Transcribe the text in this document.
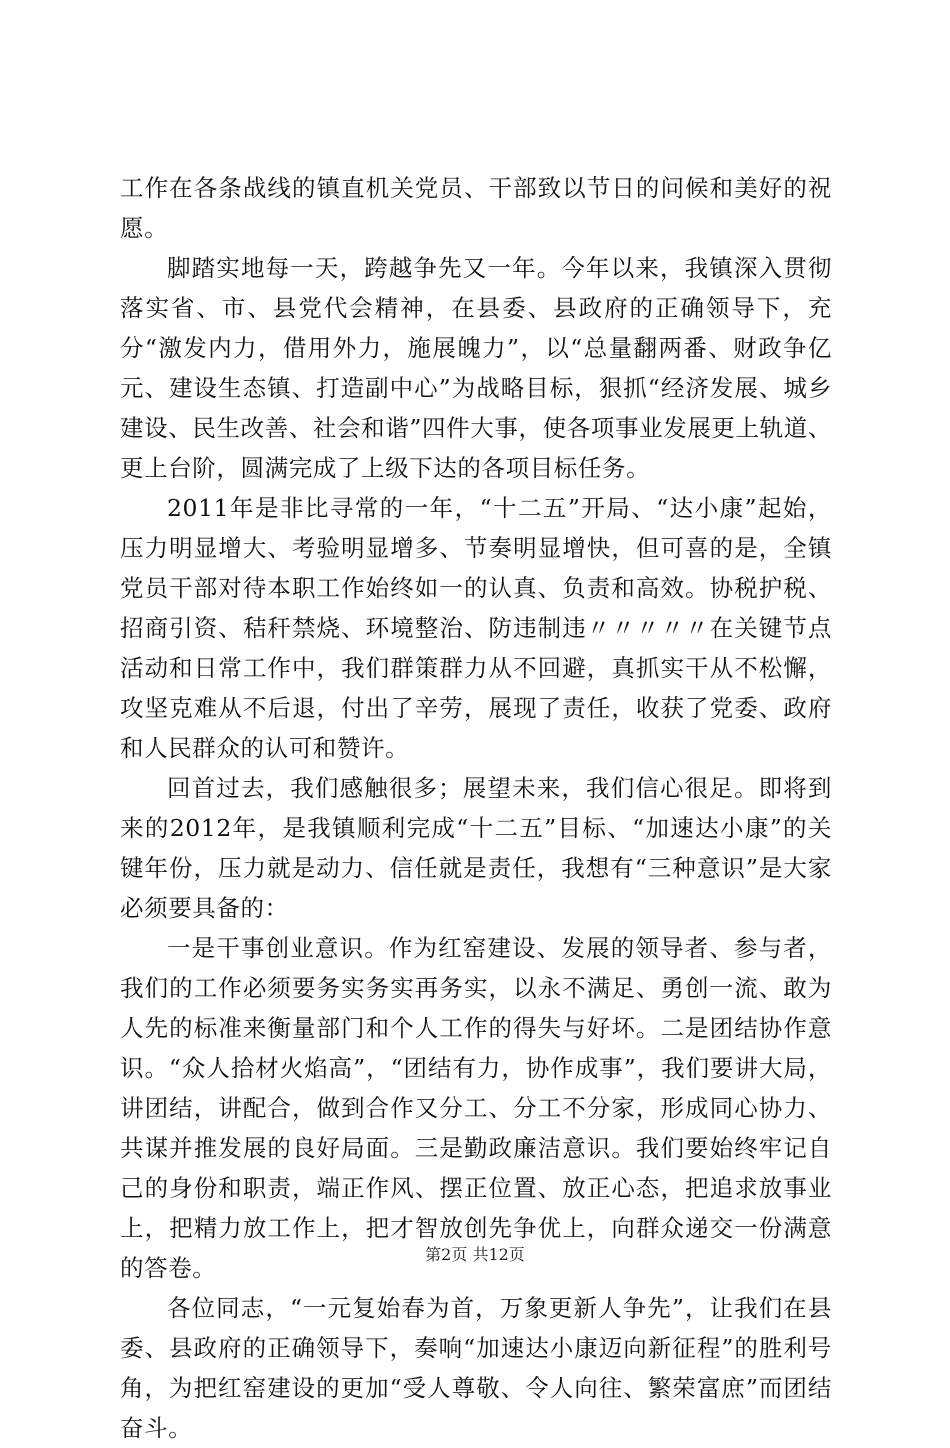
工作在各条战线的镇直机关党员、干部致以节日的问候和美好的祝愿。

脚踏实地每一天，跨越争先又一年。今年以来，我镇深入贯彻落实省、市、县党代会精神，在县委、县政府的正确领导下，充分“激发内力，借用外力，施展魄力”，以“总量翻两番、财政争亿元、建设生态镇、打造副中心”为战略目标，狠抓“经济发展、城乡建设、民生改善、社会和谐”四件大事，使各项事业发展更上轨道、更上台阶，圆满完成了上级下达的各项目标任务。

2011年是非比寻常的一年，“十二五”开局、“达小康”起始，压力明显增大、考验明显增多、节奏明显增快，但可喜的是，全镇党员干部对待本职工作始终如一的认真、负责和高效。协税护税、招商引资、秸秆禁烧、环境整治、防违制违〃〃〃〃〃在关键节点活动和日常工作中，我们群策群力从不回避，真抓实干从不松懈，攻坚克难从不后退，付出了辛劳，展现了责任，收获了党委、政府和人民群众的认可和赞许。

回首过去，我们感触很多；展望未来，我们信心很足。即将到来的2012年，是我镇顺利完成“十二五”目标、“加速达小康”的关键年份，压力就是动力、信任就是责任，我想有“三种意识”是大家必须要具备的：

一是干事创业意识。作为红窑建设、发展的领导者、参与者，我们的工作必须要务实务实再务实，以永不满足、勇创一流、敢为人先的标准来衡量部门和个人工作的得失与好坏。二是团结协作意识。“众人拾材火焰高”，“团结有力，协作成事”，我们要讲大局，讲团结，讲配合，做到合作又分工、分工不分家，形成同心协力、共谋并推发展的良好局面。三是勤政廉洁意识。我们要始终牢记自己的身份和职责，端正作风、摆正位置、放正心态，把追求放事业上，把精力放工作上，把才智放创先争优上，向群众递交一份满意的答卷。

各位同志，“一元复始春为首，万象更新人争先”，让我们在县委、县政府的正确领导下，奏响“加速达小康迈向新征程”的胜利号角，为把红窑建设的更加“受人尊敬、令人向往、繁荣富庶”而团结奋斗。

第2页 共12页
